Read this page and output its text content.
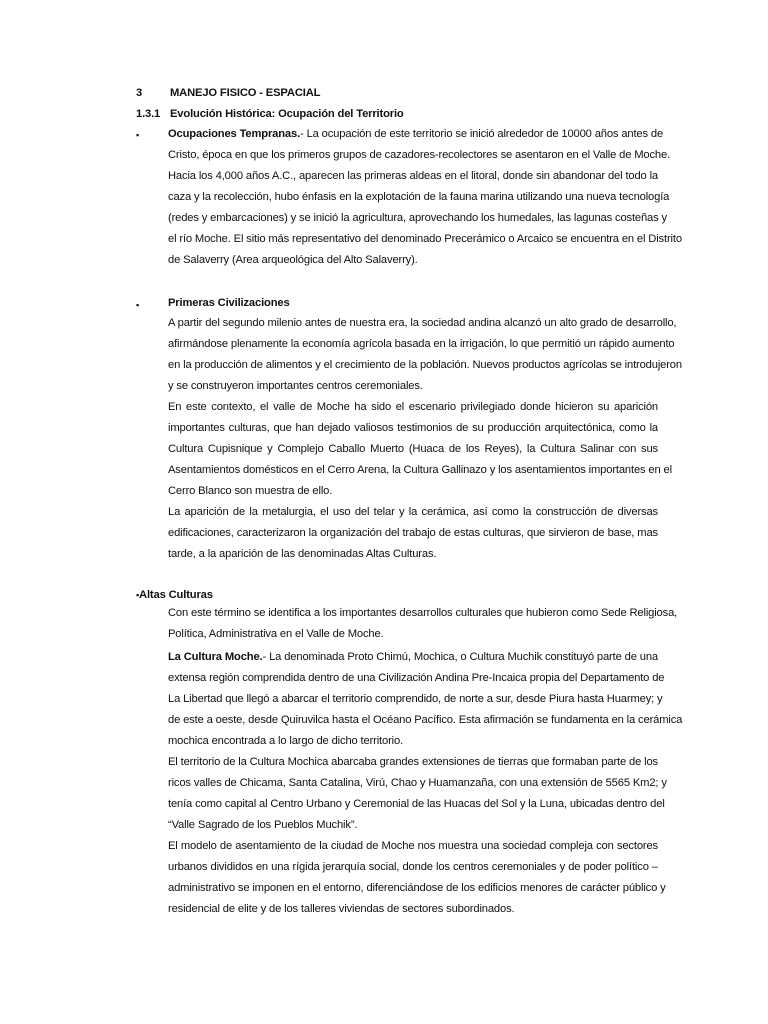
3 MANEJO FISICO - ESPACIAL
1.3.1 Evolución Histórica: Ocupación del Territorio
▪	Ocupaciones Tempranas.- La ocupación de este territorio se inició alrededor de 10000 años antes de
Cristo, época en que los primeros grupos de cazadores-recolectores se asentaron en el Valle de Moche.
Hacia los 4,000 años A.C., aparecen las primeras aldeas en el litoral, donde sin abandonar del todo la
caza y la recolección, hubo énfasis en la explotación de la fauna marina utilizando una nueva tecnología
(redes y embarcaciones) y se inició la agricultura, aprovechando los humedales, las lagunas costeñas y
el río Moche. El sitio más representativo del denominado Precerámico o Arcaico se encuentra en el Distrito
de Salaverry (Area arqueológica del Alto Salaverry).
▪	Primeras Civilizaciones
A partir del segundo milenio antes de nuestra era, la sociedad andina alcanzó un alto grado de desarrollo,
afirmándose plenamente la economía agrícola basada en la irrigación, lo que permitió un rápido aumento
en la producción de alimentos y el crecimiento de la población. Nuevos productos agrícolas se introdujeron
y se construyeron importantes centros ceremoniales.
En este contexto, el valle de Moche ha sido el escenario privilegiado donde hicieron su aparición
importantes culturas, que han dejado valiosos testimonios de su producción arquitectónica, como la
Cultura Cupisnique y Complejo Caballo Muerto (Huaca de los Reyes), la Cultura Salinar con sus
Asentamientos domésticos en el Cerro Arena, la Cultura Gallinazo y los asentamientos importantes en el
Cerro Blanco son muestra de ello.
La aparición de la metalurgia, el uso del telar y la cerámica, así como la construcción de diversas
edificaciones, caracterizaron la organización del trabajo de estas culturas, que sirvieron de base, mas
tarde, a la aparición de las denominadas Altas Culturas.
▪Altas Culturas
Con este término se identifica a los importantes desarrollos culturales que hubieron como Sede Religiosa,
Política, Administrativa en el Valle de Moche.
La Cultura Moche.- La denominada Proto Chimú, Mochica, o Cultura Muchik constituyó parte de una
extensa región comprendida dentro de una Civilización Andina Pre-Incaica propia del Departamento de
La Libertad que llegó a abarcar el territorio comprendido, de norte a sur, desde Piura hasta Huarmey; y
de este a oeste, desde Quiruvilca hasta el Océano Pacífico. Esta afirmación se fundamenta en la cerámica
mochica encontrada a lo largo de dicho territorio.
El territorio de la Cultura Mochica abarcaba grandes extensiones de tierras que formaban parte de los
ricos valles de Chicama, Santa Catalina, Virú, Chao y Huamanzaña, con una extensión de 5565 Km2; y
tenía como capital al Centro Urbano y Ceremonial de las Huacas del Sol y la Luna, ubicadas dentro del
“Valle Sagrado de los Pueblos Muchik”.
El modelo de asentamiento de la ciudad de Moche nos muestra una sociedad compleja con sectores
urbanos divididos en una rígida jerarquía social, donde los centros ceremoniales y de poder político –
administrativo se imponen en el entorno, diferenciándose de los edificios menores de carácter público y
residencial de elite y de los talleres viviendas de sectores subordinados.
